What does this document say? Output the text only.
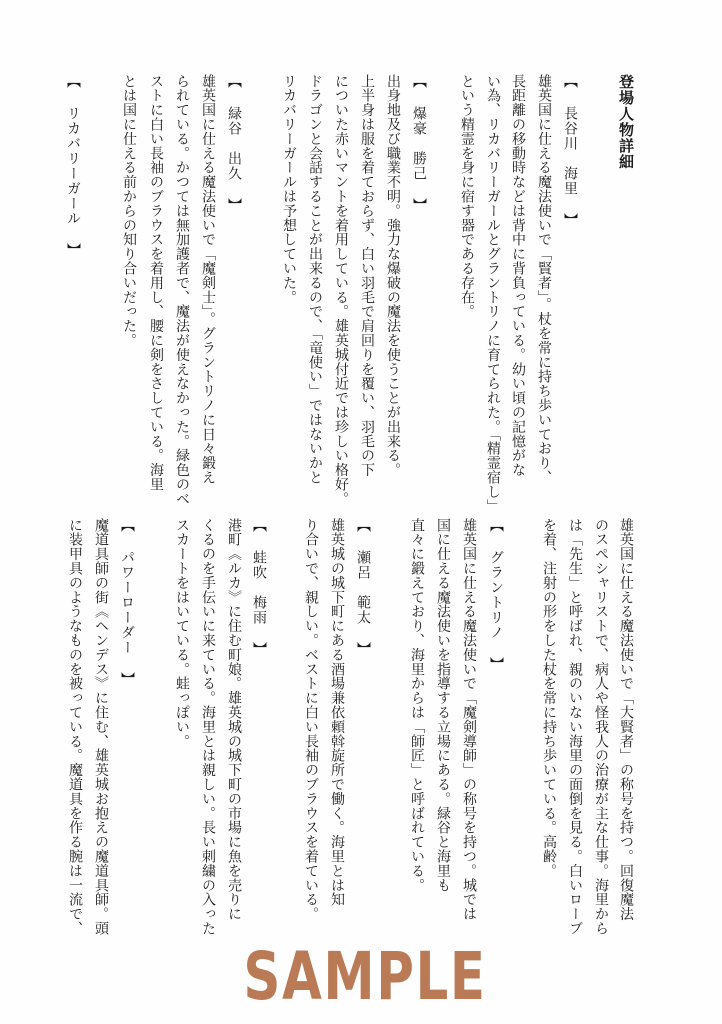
登場人物詳細
【 長谷川　海里 】
雄英国に仕える魔法使いで「賢者」。杖を常に持ち歩いており、
長距離の移動時などは背中に背負っている。幼い頃の記憶がな
い為、リカバリーガールとグラントリノに育てられた。「精霊宿し」
という精霊を身に宿す器である存在。
【 爆豪　勝己 】
出身地及び職業不明。強力な爆破の魔法を使うことが出来る。
上半身は服を着ておらず、白い羽毛で肩回りを覆い、羽毛の下
についた赤いマントを着用している。雄英城付近では珍しい格好。
ドラゴンと会話することが出来るので、「竜使い」ではないかと
リカバリーガールは予想していた。
【 緑谷　出久 】
雄英国に仕える魔法使いで「魔剣士」。グラントリノに日々鍛え
られている。かつては無加護者で、魔法が使えなかった。緑色のベ
ストに白い長袖のブラウスを着用し、腰に剣をさしている。海里
とは国に仕える前からの知り合いだった。
【 リカバリーガール 】
雄英国に仕える魔法使いで「大賢者」の称号を持つ。回復魔法
のスペシャリストで、病人や怪我人の治療が主な仕事。海里から
は「先生」と呼ばれ、親のいない海里の面倒を見る。白いローブ
を着、注射の形をした杖を常に持ち歩いている。高齢。
【 グラントリノ 】
雄英国に仕える魔法使いで「魔剣導師」の称号を持つ。城では
国に仕える魔法使いを指導する立場にある。緑谷と海里も
直々に鍛えており、海里からは「師匠」と呼ばれている。
【 瀬呂　範太 】
雄英城の城下町にある酒場兼依頼斡旋所で働く。海里とは知
り合いで、親しい。ベストに白い長袖のブラウスを着ている。
【 蛙吹　梅雨 】
港町《ルカ》に住む町娘。雄英城の城下町の市場に魚を売りに
くるのを手伝いに来ている。海里とは親しい。長い刺繍の入った
スカートをはいている。蛙っぽい。
【 パワーローダー 】
魔道具師の街《ヘンデス》に住む、雄英城お抱えの魔道具師。頭
に装甲具のようなものを被っている。魔道具を作る腕は一流で、
SAMPLE
